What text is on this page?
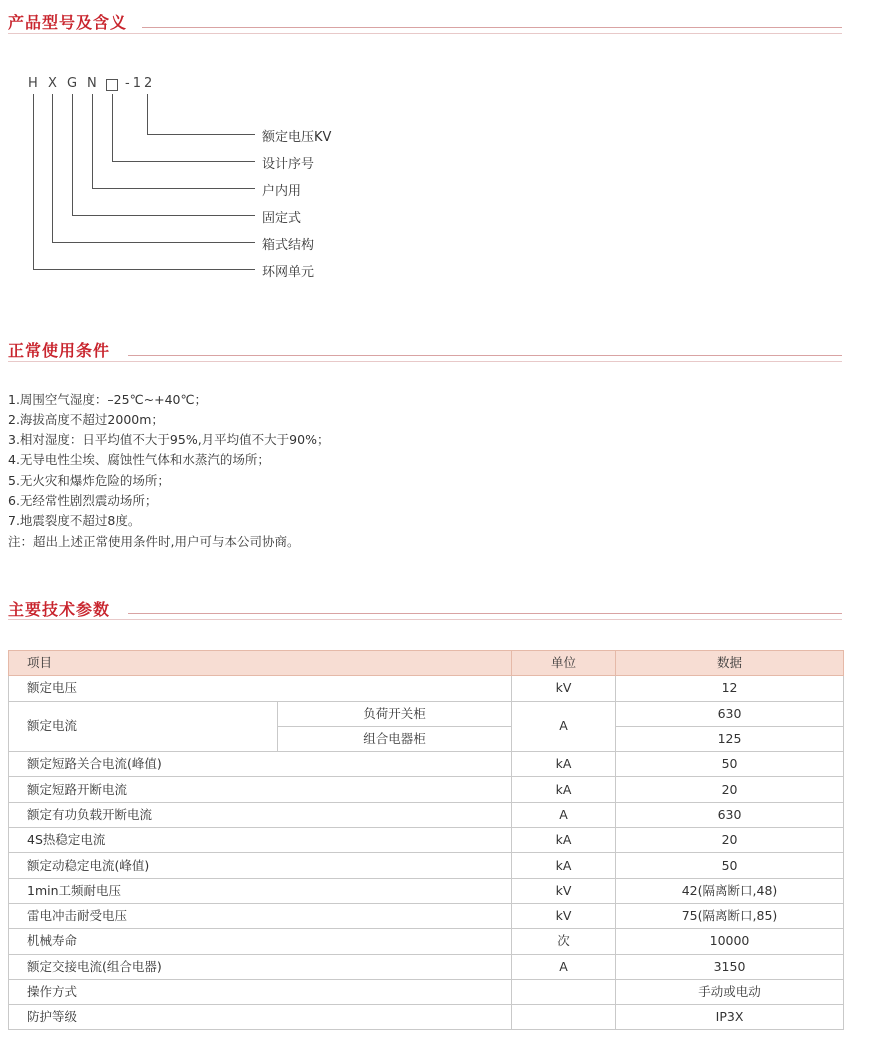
产品型号及含义
H X G N -12
额定电压KV
设计序号
户内用
固定式
箱式结构
环网单元
正常使用条件
1.周围空气湿度：–25℃~+40℃；
2.海拔高度不超过2000m；
3.相对湿度：日平均值不大于95%,月平均值不大于90%；
4.无导电性尘埃、腐蚀性气体和水蒸汽的场所；
5.无火灾和爆炸危险的场所；
6.无经常性剧烈震动场所；
7.地震裂度不超过8度。
注：超出上述正常使用条件时,用户可与本公司协商。
主要技术参数
项目		单位	数据
额定电压		kV	12
额定电流	负荷开关柜	A	630
	组合电器柜		125
额定短路关合电流(峰值)		kA	50
额定短路开断电流		kA	20
额定有功负载开断电流		A	630
4S热稳定电流		kA	20
额定动稳定电流(峰值)		kA	50
1min工频耐电压		kV	42(隔离断口,48)
雷电冲击耐受电压		kV	75(隔离断口,85)
机械寿命		次	10000
额定交接电流(组合电器)		A	3150
操作方式			手动或电动
防护等级			IP3X
